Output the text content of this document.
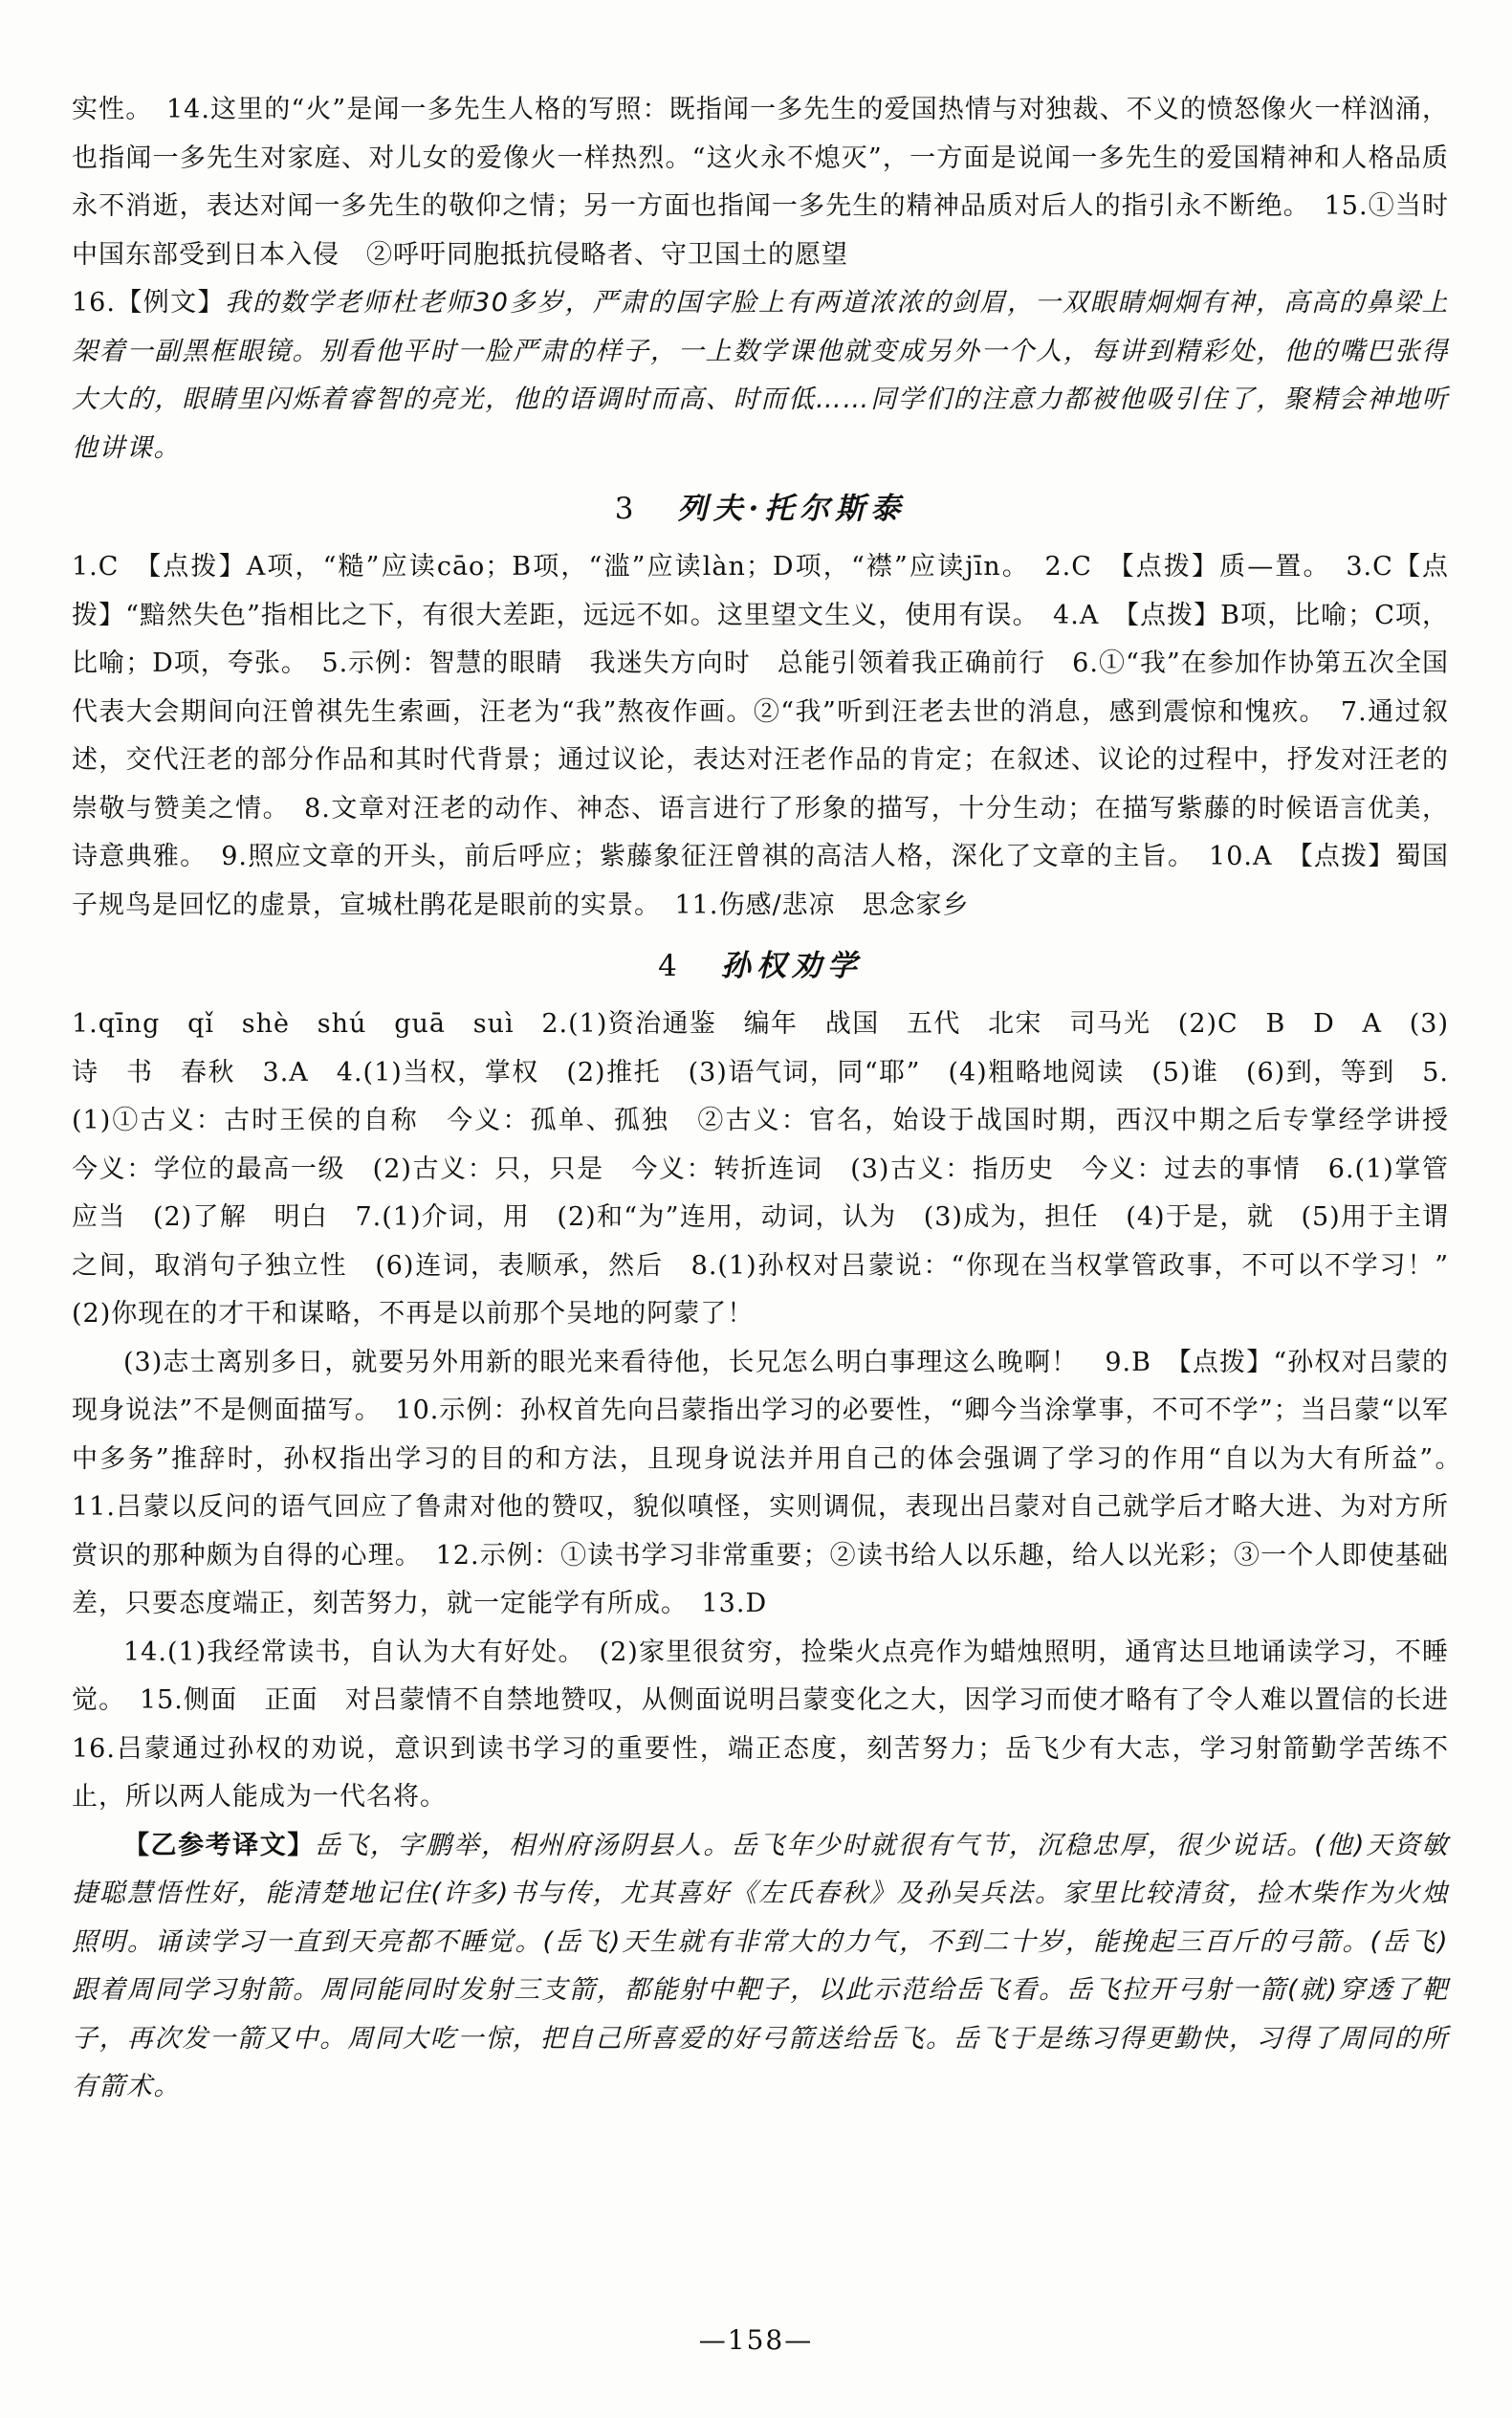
实性。　14.这里的“火”是闻一多先生人格的写照：既指闻一多先生的爱国热情与对独裁、不义的愤怒像火一样汹涌，也指闻一多先生对家庭、对儿女的爱像火一样热烈。“这火永不熄灭”，一方面是说闻一多先生的爱国精神和人格品质永不消逝，表达对闻一多先生的敬仰之情；另一方面也指闻一多先生的精神品质对后人的指引永不断绝。　15.①当时中国东部受到日本入侵　②呼吁同胞抵抗侵略者、守卫国土的愿望

16.【例文】我的数学老师杜老师30多岁，严肃的国字脸上有两道浓浓的剑眉，一双眼睛炯炯有神，高高的鼻梁上架着一副黑框眼镜。别看他平时一脸严肃的样子，一上数学课他就变成另外一个人，每讲到精彩处，他的嘴巴张得大大的，眼睛里闪烁着睿智的亮光，他的语调时而高、时而低……同学们的注意力都被他吸引住了，聚精会神地听他讲课。

3 列夫·托尔斯泰

1.C　【点拨】A项，“糙”应读cāo；B项，“滥”应读làn；D项，“襟”应读jīn。　2.C　【点拨】质—置。　3.C【点拨】“黯然失色”指相比之下，有很大差距，远远不如。这里望文生义，使用有误。　4.A　【点拨】B项，比喻；C项，比喻；D项，夸张。　5.示例：智慧的眼睛　我迷失方向时　总能引领着我正确前行　6.①“我”在参加作协第五次全国代表大会期间向汪曾祺先生索画，汪老为“我”熬夜作画。②“我”听到汪老去世的消息，感到震惊和愧疚。　7.通过叙述，交代汪老的部分作品和其时代背景；通过议论，表达对汪老作品的肯定；在叙述、议论的过程中，抒发对汪老的崇敬与赞美之情。　8.文章对汪老的动作、神态、语言进行了形象的描写，十分生动；在描写紫藤的时候语言优美，诗意典雅。　9.照应文章的开头，前后呼应；紫藤象征汪曾祺的高洁人格，深化了文章的主旨。　10.A　【点拨】蜀国子规鸟是回忆的虚景，宣城杜鹃花是眼前的实景。　11.伤感/悲凉　思念家乡

4 孙权劝学

1.qīng　qǐ　shè　shú　guā　suì　2.(1)资治通鉴　编年　战国　五代　北宋　司马光　(2)C　B　D　A　(3)诗　书　春秋　3.A　4.(1)当权，掌权　(2)推托　(3)语气词，同“耶”　(4)粗略地阅读　(5)谁　(6)到，等到　5.(1)①古义：古时王侯的自称　今义：孤单、孤独　②古义：官名，始设于战国时期，西汉中期之后专掌经学讲授　今义：学位的最高一级　(2)古义：只，只是　今义：转折连词　(3)古义：指历史　今义：过去的事情　6.(1)掌管　应当　(2)了解　明白　7.(1)介词，用　(2)和“为”连用，动词，认为　(3)成为，担任　(4)于是，就　(5)用于主谓之间，取消句子独立性　(6)连词，表顺承，然后　8.(1)孙权对吕蒙说：“你现在当权掌管政事，不可以不学习！”　(2)你现在的才干和谋略，不再是以前那个吴地的阿蒙了！

(3)志士离别多日，就要另外用新的眼光来看待他，长兄怎么明白事理这么晚啊！　9.B　【点拨】“孙权对吕蒙的现身说法”不是侧面描写。　10.示例：孙权首先向吕蒙指出学习的必要性，“卿今当涂掌事，不可不学”；当吕蒙“以军中多务”推辞时，孙权指出学习的目的和方法，且现身说法并用自己的体会强调了学习的作用“自以为大有所益”。　11.吕蒙以反问的语气回应了鲁肃对他的赞叹，貌似嗔怪，实则调侃，表现出吕蒙对自己就学后才略大进、为对方所赏识的那种颇为自得的心理。　12.示例：①读书学习非常重要；②读书给人以乐趣，给人以光彩；③一个人即使基础差，只要态度端正，刻苦努力，就一定能学有所成。　13.D

14.(1)我经常读书，自认为大有好处。　(2)家里很贫穷，捡柴火点亮作为蜡烛照明，通宵达旦地诵读学习，不睡觉。　15.侧面　正面　对吕蒙情不自禁地赞叹，从侧面说明吕蒙变化之大，因学习而使才略有了令人难以置信的长进　16.吕蒙通过孙权的劝说，意识到读书学习的重要性，端正态度，刻苦努力；岳飞少有大志，学习射箭勤学苦练不止，所以两人能成为一代名将。

【乙参考译文】岳飞，字鹏举，相州府汤阴县人。岳飞年少时就很有气节，沉稳忠厚，很少说话。(他)天资敏捷聪慧悟性好，能清楚地记住(许多)书与传，尤其喜好《左氏春秋》及孙吴兵法。家里比较清贫，捡木柴作为火烛照明。诵读学习一直到天亮都不睡觉。(岳飞)天生就有非常大的力气，不到二十岁，能挽起三百斤的弓箭。(岳飞)跟着周同学习射箭。周同能同时发射三支箭，都能射中靶子，以此示范给岳飞看。岳飞拉开弓射一箭(就)穿透了靶子，再次发一箭又中。周同大吃一惊，把自己所喜爱的好弓箭送给岳飞。岳飞于是练习得更勤快，习得了周同的所有箭术。

—158—
